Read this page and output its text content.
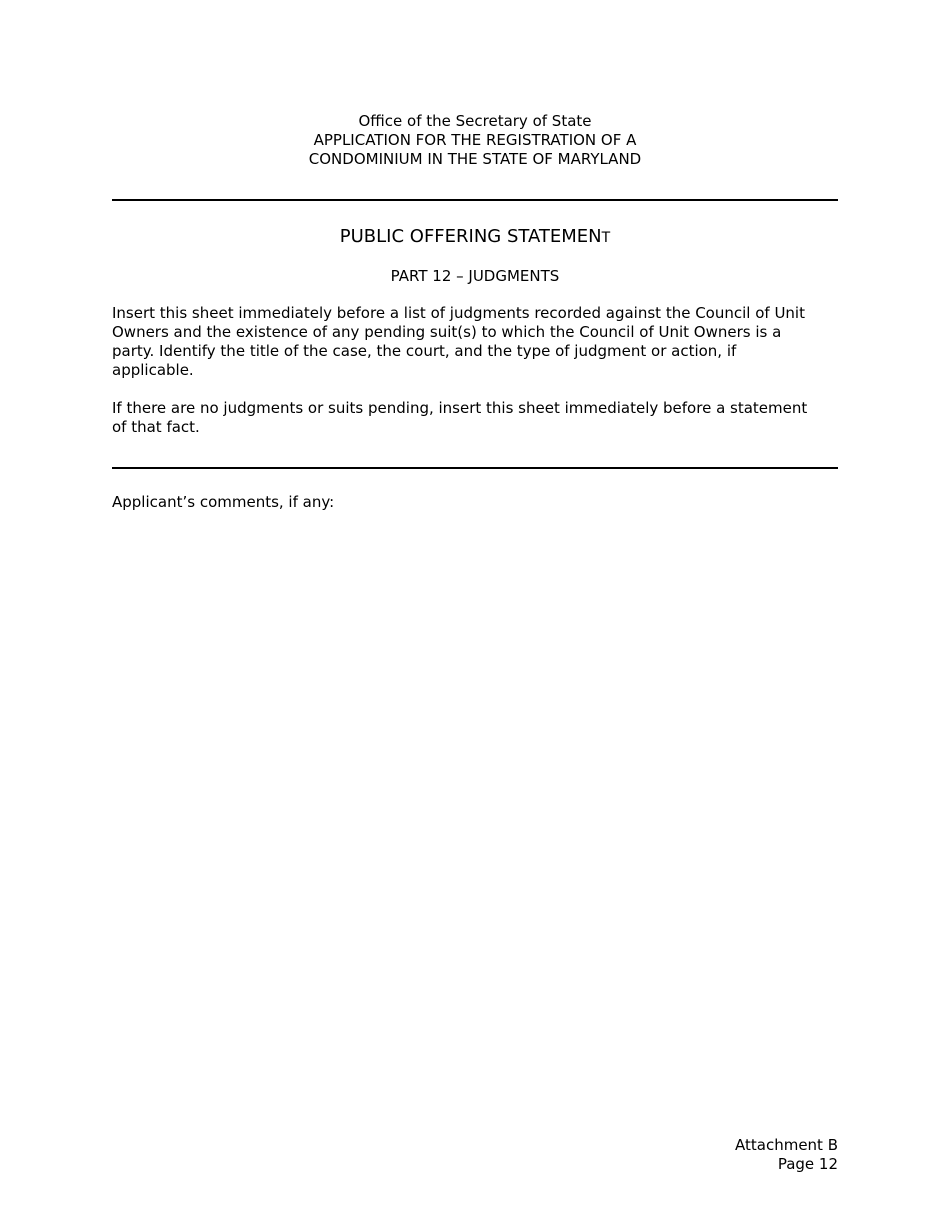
Office of the Secretary of State
APPLICATION FOR THE REGISTRATION OF A
CONDOMINIUM IN THE STATE OF MARYLAND
PUBLIC OFFERING STATEMENT
PART 12 – JUDGMENTS
Insert this sheet immediately before a list of judgments recorded against the Council of Unit
Owners and the existence of any pending suit(s) to which the Council of Unit Owners is a
party. Identify the title of the case, the court, and the type of judgment or action, if
applicable.
If there are no judgments or suits pending, insert this sheet immediately before a statement
of that fact.
Applicant’s comments, if any:
Attachment B
Page 12
